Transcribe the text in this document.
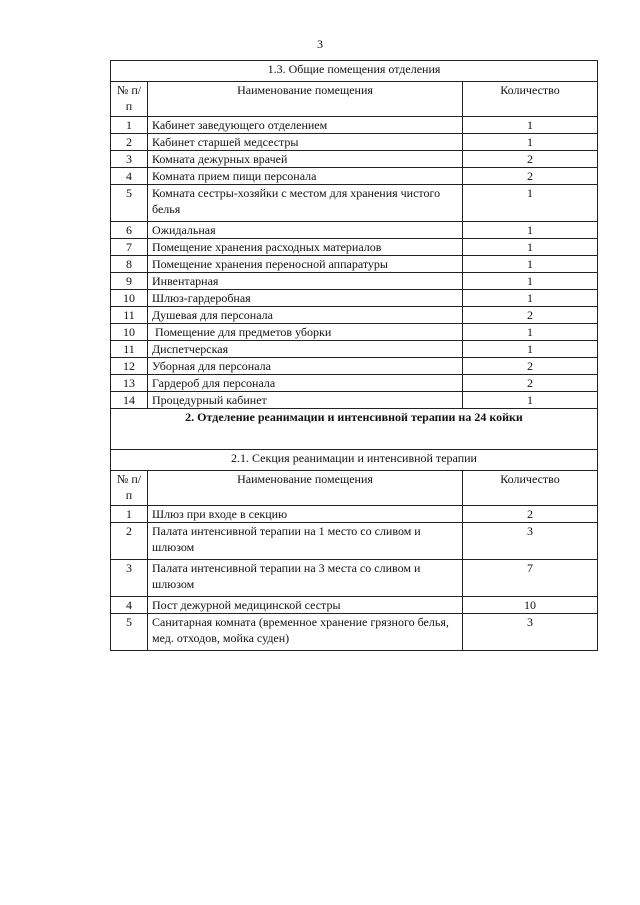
3
1.3. Общие помещения отделения		
№ п/п	Наименование помещения	Количество
1	Кабинет заведующего отделением	1
2	Кабинет старшей медсестры	1
3	Комната дежурных врачей	2
4	Комната прием пищи персонала	2
5	Комната сестры-хозяйки с местом для хранения чистого белья	1
6	Ожидальная	1
7	Помещение хранения расходных материалов	1
8	Помещение хранения переносной аппаратуры	1
9	Инвентарная	1
10	Шлюз-гардеробная	1
11	Душевая для персонала	2
10	Помещение для предметов уборки	1
11	Диспетчерская	1
12	Уборная для персонала	2
13	Гардероб для персонала	2
14	Процедурный кабинет	1
2. Отделение реанимации и интенсивной терапии на 24 койки		
2.1. Секция реанимации и интенсивной терапии		
№ п/п	Наименование помещения	Количество
1	Шлюз при входе в секцию	2
2	Палата интенсивной терапии на 1 место со сливом и шлюзом	3
3	Палата интенсивной терапии на 3 места со сливом и шлюзом	7
4	Пост дежурной медицинской сестры	10
5	Санитарная комната (временное хранение грязного белья, мед. отходов, мойка суден)	3
